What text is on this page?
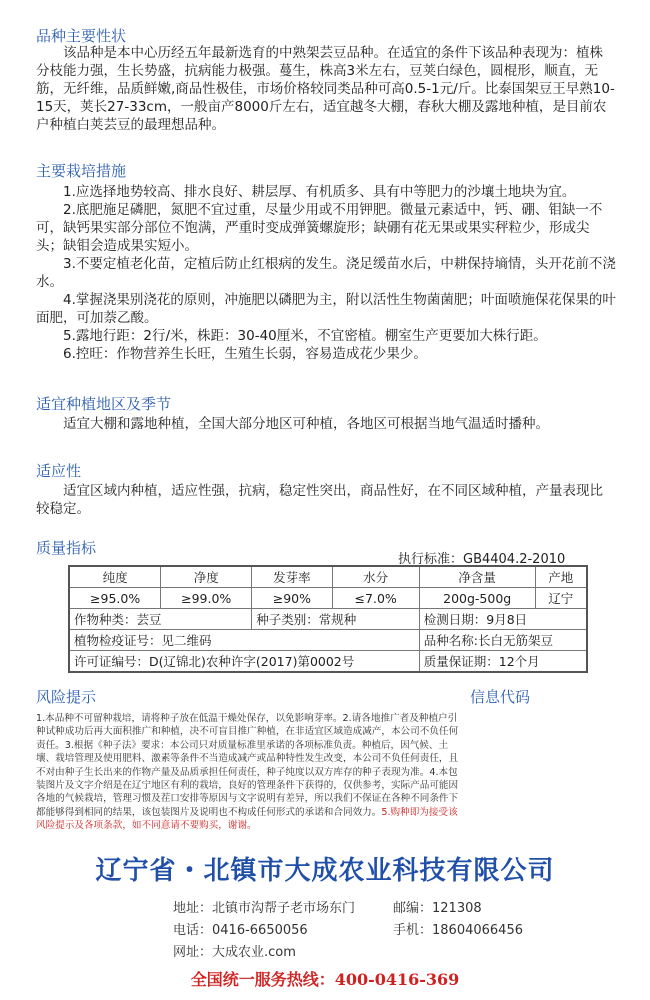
品种主要性状
该品种是本中心历经五年最新选育的中熟架芸豆品种。在适宜的条件下该品种表现为：植株分枝能力强，生长势盛，抗病能力极强。蔓生，株高3米左右，豆荚白绿色，圆棍形，顺直，无筋，无纤维，品质鲜嫩,商品性极佳，市场价格较同类品种可高0.5-1元/斤。比泰国架豆王早熟10-15天，荚长27-33cm，一般亩产8000斤左右，适宜越冬大棚，春秋大棚及露地种植，是目前农户种植白荚芸豆的最理想品种。
主要栽培措施
1.应选择地势较高、排水良好、耕层厚、有机质多、具有中等肥力的沙壤土地块为宜。
2.底肥施足磷肥，氮肥不宜过重，尽量少用或不用钾肥。微量元素适中，钙、硼、钼缺一不可，缺钙果实部分部位不饱满，严重时变成弹簧螺旋形；缺硼有花无果或果实秤粒少，形成尖头；缺钼会造成果实短小。
3.不要定植老化苗，定植后防止红根病的发生。浇足缓苗水后，中耕保持墒情，头开花前不浇水。
4.掌握浇果别浇花的原则，冲施肥以磷肥为主，附以活性生物菌菌肥；叶面喷施保花保果的叶面肥，可加萘乙酸。
5.露地行距：2行/米，株距：30-40厘米，不宜密植。棚室生产更要加大株行距。
6.控旺：作物营养生长旺，生殖生长弱，容易造成花少果少。
适宜种植地区及季节
适宜大棚和露地种植，全国大部分地区可种植，各地区可根据当地气温适时播种。
适应性
适宜区域内种植，适应性强，抗病，稳定性突出，商品性好，在不同区域种植，产量表现比较稳定。
质量指标
执行标准：GB4404.2-2010
纯度	净度	发芽率	水分	净含量	产地
≥95.0%	≥99.0%	≥90%	≤7.0%	200g-500g	辽宁
作物种类：芸豆		种子类别：常规种		检测日期：9月8日	
植物检疫证号：见二维码				品种名称:长白无筋架豆	
许可证编号：D(辽锦北)农种许字(2017)第0002号				质量保证期：12个月	
风险提示	信息代码
1.本品种不可留种栽培，请将种子放在低温干燥处保存，以免影响芽率。2.请各地推广者及种植户引种试种成功后再大面积推广和种植，决不可盲目推广种植，在非适宜区域造成减产，本公司不负任何责任。3.根据《种子法》要求：本公司只对质量标准里承诺的各项标准负责。种植后，因气候、土壤、栽培管理及使用肥料、激素等条件不当造成减产或品种特性发生改变，本公司不负任何责任，且不对由种子生长出来的作物产量及品质承担任何责任，种子纯度以双方库存的种子表现为准。4.本包装图片及文字介绍是在辽宁地区有利的栽培，良好的管理条件下获得的，仅供参考，实际产品可能因各地的气候栽培，管理习惯及茬口安排等原因与文字说明有差异，所以我们不保证在各种不同条件下都能够得到相同的结果，该包装图片及说明也不构成任何形式的承诺和合同效力。5.购种即为接受该风险提示及各项条款，如不同意请不要购买，谢谢。
辽宁省・北镇市大成农业科技有限公司
地址：北镇市沟帮子老市场东门	邮编：121308
电话：0416-6650056	手机：18604066456
网址：大成农业.com
全国统一服务热线：400-0416-369
